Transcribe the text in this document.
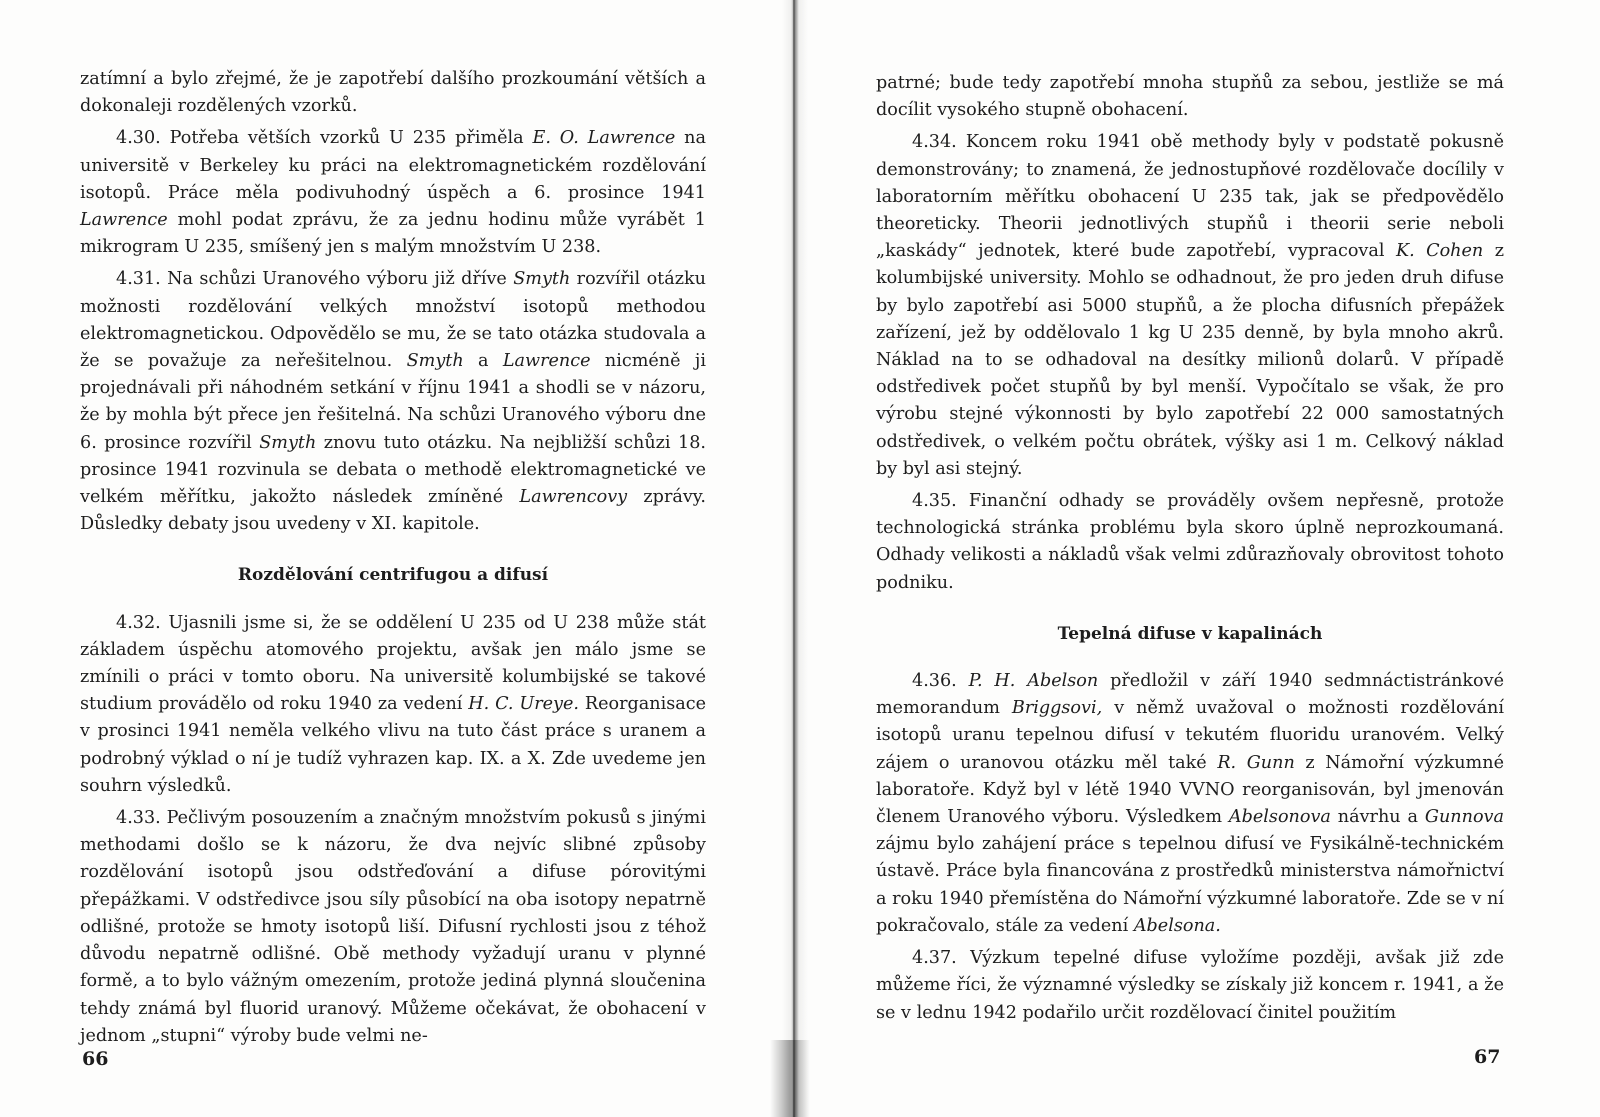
zatímní a bylo zřejmé, že je zapotřebí dalšího prozkoumání větších a dokonaleji rozdělených vzorků.

4.30. Potřeba větších vzorků U 235 přiměla E. O. Lawrence na universitě v Berkeley ku práci na elektromagnetickém rozdělování isotopů. Práce měla podivuhodný úspěch a 6. prosince 1941 Lawrence mohl podat zprávu, že za jednu hodinu může vyrábět 1 mikrogram U 235, smíšený jen s malým množstvím U 238.

4.31. Na schůzi Uranového výboru již dříve Smyth rozvířil otázku možnosti rozdělování velkých množství isotopů methodou elektromagnetickou. Odpovědělo se mu, že se tato otázka studovala a že se považuje za neřešitelnou. Smyth a Lawrence nicméně ji projednávali při náhodném setkání v říjnu 1941 a shodli se v názoru, že by mohla být přece jen řešitelná. Na schůzi Uranového výboru dne 6. prosince rozvířil Smyth znovu tuto otázku. Na nejbližší schůzi 18. prosince 1941 rozvinula se debata o methodě elektromagnetické ve velkém měřítku, jakožto následek zmíněné Lawrencovy zprávy. Důsledky debaty jsou uvedeny v XI. kapitole.

Rozdělování centrifugou a difusí

4.32. Ujasnili jsme si, že se oddělení U 235 od U 238 může stát základem úspěchu atomového projektu, avšak jen málo jsme se zmínili o práci v tomto oboru. Na universitě kolumbijské se takové studium provádělo od roku 1940 za vedení H. C. Ureye. Reorganisace v prosinci 1941 neměla velkého vlivu na tuto část práce s uranem a podrobný výklad o ní je tudíž vyhrazen kap. IX. a X. Zde uvedeme jen souhrn výsledků.

4.33. Pečlivým posouzením a značným množstvím pokusů s jinými methodami došlo se k názoru, že dva nejvíc slibné způsoby rozdělování isotopů jsou odstřeďování a difuse pórovitými přepážkami. V odstředivce jsou síly působící na oba isotopy nepatrně odlišné, protože se hmoty isotopů liší. Difusní rychlosti jsou z téhož důvodu nepatrně odlišné. Obě methody vyžadují uranu v plynné formě, a to bylo vážným omezením, protože jediná plynná sloučenina tehdy známá byl fluorid uranový. Můžeme očekávat, že obohacení v jednom „stupni“ výroby bude velmi ne-

66

patrné; bude tedy zapotřebí mnoha stupňů za sebou, jestliže se má docílit vysokého stupně obohacení.

4.34. Koncem roku 1941 obě methody byly v podstatě pokusně demonstrovány; to znamená, že jednostupňové rozdělovače docílily v laboratorním měřítku obohacení U 235 tak, jak se předpovědělo theoreticky. Theorii jednotlivých stupňů i theorii serie neboli „kaskády“ jednotek, které bude zapotřebí, vypracoval K. Cohen z kolumbijské university. Mohlo se odhadnout, že pro jeden druh difuse by bylo zapotřebí asi 5000 stupňů, a že plocha difusních přepážek zařízení, jež by oddělovalo 1 kg U 235 denně, by byla mnoho akrů. Náklad na to se odhadoval na desítky milionů dolarů. V případě odstředivek počet stupňů by byl menší. Vypočítalo se však, že pro výrobu stejné výkonnosti by bylo zapotřebí 22 000 samostatných odstředivek, o velkém počtu obrátek, výšky asi 1 m. Celkový náklad by byl asi stejný.

4.35. Finanční odhady se prováděly ovšem nepřesně, protože technologická stránka problému byla skoro úplně neprozkoumaná. Odhady velikosti a nákladů však velmi zdůrazňovaly obrovitost tohoto podniku.

Tepelná difuse v kapalinách

4.36. P. H. Abelson předložil v září 1940 sedmnáctistránkové memorandum Briggsovi, v němž uvažoval o možnosti rozdělování isotopů uranu tepelnou difusí v tekutém fluoridu uranovém. Velký zájem o uranovou otázku měl také R. Gunn z Námořní výzkumné laboratoře. Když byl v létě 1940 VVNO reorganisován, byl jmenován členem Uranového výboru. Výsledkem Abelsonova návrhu a Gunnova zájmu bylo zahájení práce s tepelnou difusí ve Fysikálně-technickém ústavě. Práce byla financována z prostředků ministerstva námořnictví a roku 1940 přemístěna do Námořní výzkumné laboratoře. Zde se v ní pokračovalo, stále za vedení Abelsona.

4.37. Výzkum tepelné difuse vyložíme později, avšak již zde můžeme říci, že významné výsledky se získaly již koncem r. 1941, a že se v lednu 1942 podařilo určit rozdělovací činitel použitím

67
